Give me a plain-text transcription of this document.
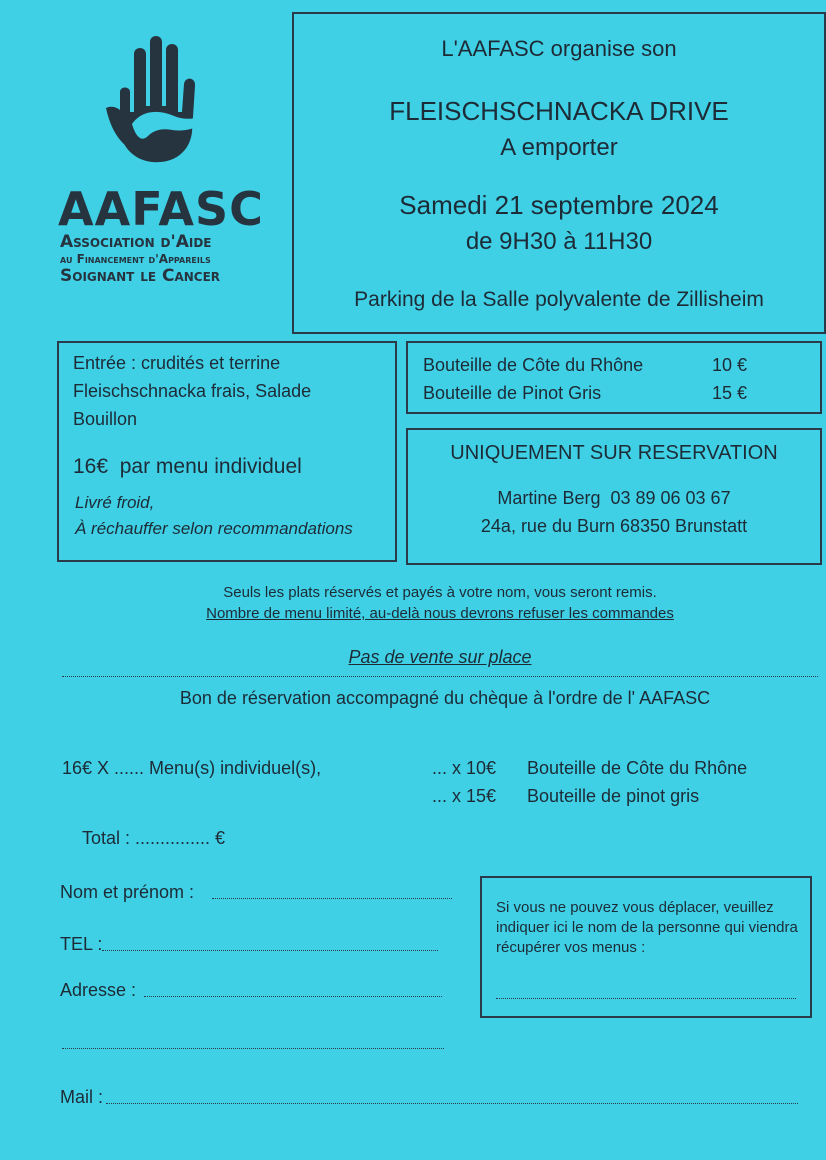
AAFASC
Association d'Aide
au Financement d'Appareils
Soignant le Cancer
L'AAFASC organise son
FLEISCHSCHNACKA DRIVE
A emporter
Samedi 21 septembre 2024
de 9H30 à 11H30
Parking de la Salle polyvalente de Zillisheim
Entrée : crudités et terrine
Fleischschnacka frais, Salade
Bouillon
16€  par menu individuel
Livré froid,
À réchauffer selon recommandations
Bouteille de Côte du Rhône	10 €
Bouteille de Pinot Gris	15 €
UNIQUEMENT SUR RESERVATION
Martine Berg  03 89 06 03 67
24a, rue du Burn 68350 Brunstatt
Seuls les plats réservés et payés à votre nom, vous seront remis.
Nombre de menu limité, au-delà nous devrons refuser les commandes
Pas de vente sur place
Bon de réservation accompagné du chèque à l'ordre de l' AAFASC
16€ X ...... Menu(s) individuel(s),	... x 10€ Bouteille de Côte du Rhône
... x 15€ Bouteille de pinot gris
Total : ............... €
Nom et prénom :
TEL :
Adresse :
Mail :
Si vous ne pouvez vous déplacer, veuillez indiquer ici le nom de la personne qui viendra récupérer vos menus :
